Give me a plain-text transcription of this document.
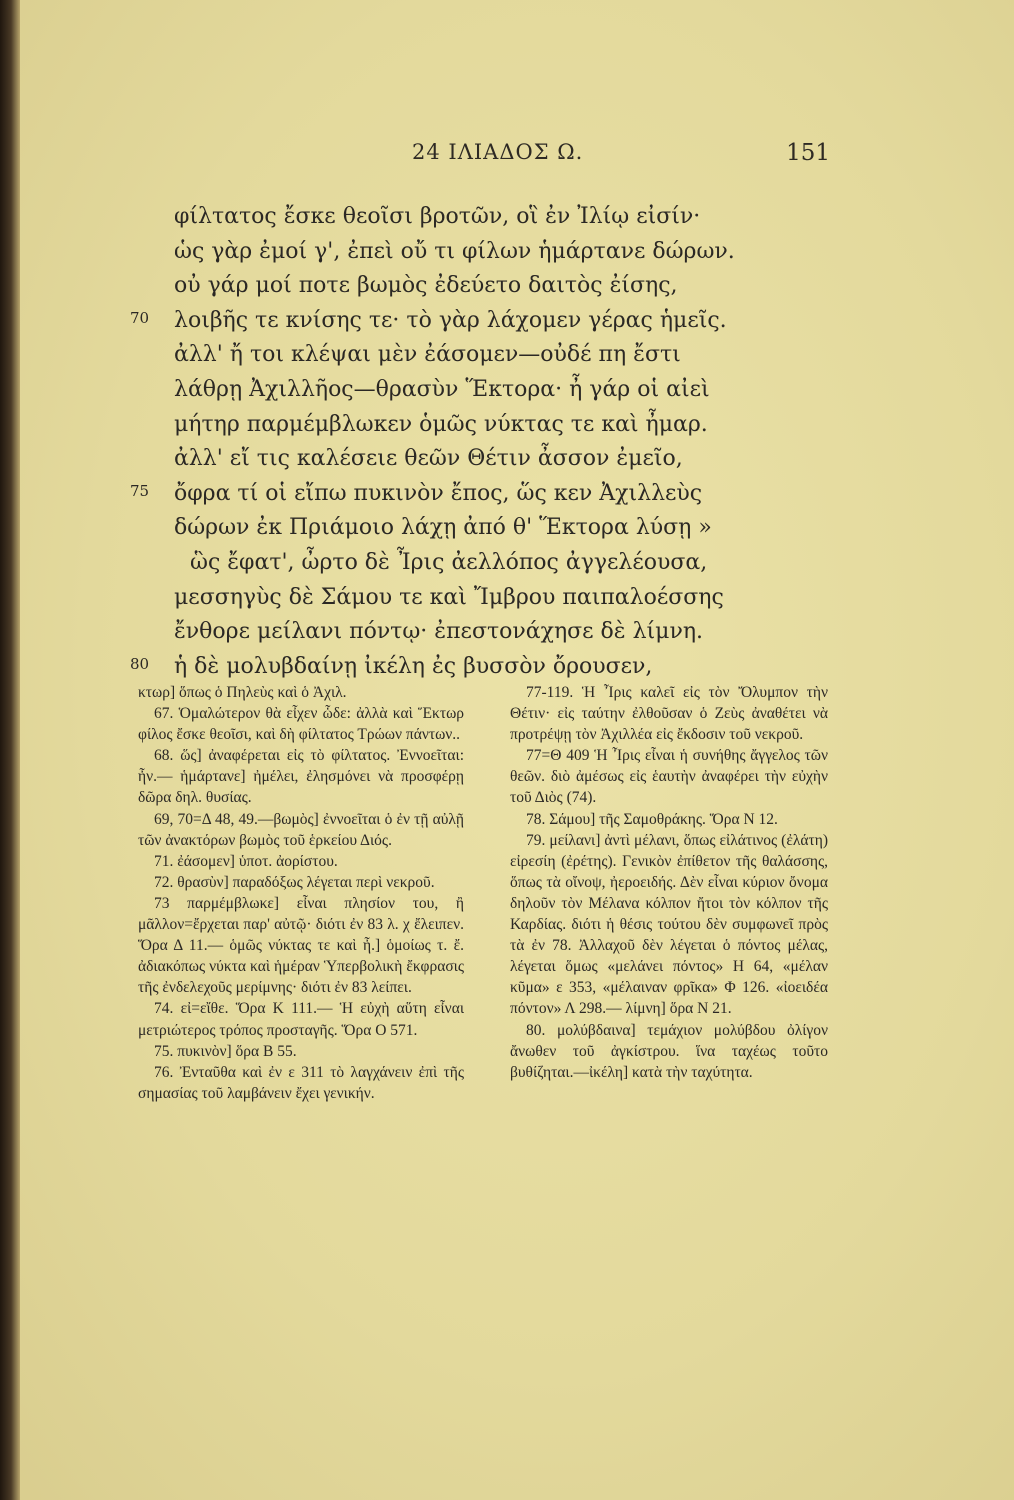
24 ΙΛΙΑΔΟΣ Ω.	151
φίλτατος ἔσκε θεοῖσι βροτῶν, οἳ ἐν Ἰλίῳ εἰσίν·
ὡς γὰρ ἐμοί γ', ἐπεὶ οὔ τι φίλων ἡμάρτανε δώρων.
οὐ γάρ μοί ποτε βωμὸς ἐδεύετο δαιτὸς ἐίσης,
70	λοιβῆς τε κνίσης τε· τὸ γὰρ λάχομεν γέρας ἡμεῖς.
ἀλλ' ἤ τοι κλέψαι μὲν ἐάσομεν—οὐδέ πη ἔστι
λάθρῃ Ἀχιλλῆος—θρασὺν Ἕκτορα· ἦ γάρ οἱ αἰεὶ
μήτηρ παρμέμβλωκεν ὁμῶς νύκτας τε καὶ ἦμαρ.
ἀλλ' εἴ τις καλέσειε θεῶν Θέτιν ἆσσον ἐμεῖο,
75	ὄφρα τί οἱ εἴπω πυκινὸν ἔπος, ὥς κεν Ἀχιλλεὺς
δώρων ἐκ Πριάμοιο λάχῃ ἀπό θ' Ἕκτορα λύσῃ »
ὣς ἔφατ', ὦρτο δὲ Ἶρις ἀελλόπος ἀγγελέουσα,
μεσσηγὺς δὲ Σάμου τε καὶ Ἴμβρου παιπαλοέσσης
ἔνθορε μείλανι πόντῳ· ἐπεστονάχησε δὲ λίμνη.
80	ἡ δὲ μολυβδαίνῃ ἰκέλη ἐς βυσσὸν ὄρουσεν,

κτωρ] ὅπως ὁ Πηλεὺς καὶ ὁ Ἀχιλ.

67. Ὁμαλώτερον θὰ εἶχεν ὧδε: ἀλλὰ καὶ Ἕκτωρ φίλος ἔσκε θεοῖσι, καὶ δὴ φίλτατος Τρώων πάντων..

68. ὥς] ἀναφέρεται εἰς τὸ φίλτατος. Ἐννοεῖται: ἦν.— ἡμάρτανε] ἠμέλει, ἐλησμόνει νὰ προσφέρῃ δῶρα δηλ. θυσίας.

69, 70=Δ 48, 49.—βωμὸς] ἐννοεῖται ὁ ἐν τῇ αὐλῇ τῶν ἀνακτόρων βωμὸς τοῦ ἑρκείου Διός.

71. ἐάσομεν] ὑποτ. ἀορίστου.

72. θρασὺν] παραδόξως λέγεται περὶ νεκροῦ.

73 παρμέμβλωκε] εἶναι πλησίον του, ἢ μᾶλλον=ἔρχεται παρ' αὐτῷ· διότι ἐν 83 λ. χ ἔλειπεν. Ὅρα Δ 11.— ὁμῶς νύκτας τε καὶ ἦ.] ὁμοίως τ. ἔ. ἀδιακόπως νύκτα καὶ ἡμέραν Ὑπερβολικὴ ἔκφρασις τῆς ἐνδελεχοῦς μερίμνης· διότι ἐν 83 λείπει.

74. εἰ=εἴθε. Ὅρα Κ 111.— Ἡ εὐχὴ αὕτη εἶναι μετριώτερος τρόπος προσταγῆς. Ὅρα Ο 571.

75. πυκινὸν] ὅρα Β 55.

76. Ἐνταῦθα καὶ ἐν ε 311 τὸ λαγχάνειν ἐπὶ τῆς σημασίας τοῦ λαμβάνειν ἔχει γενικήν.

77-119. Ἡ Ἶρις καλεῖ εἰς τὸν Ὄλυμπον τὴν Θέτιν· εἰς ταύτην ἐλθοῦσαν ὁ Ζεὺς ἀναθέτει νὰ προτρέψῃ τὸν Ἀχιλλέα εἰς ἔκδοσιν τοῦ νεκροῦ.

77=Θ 409 Ἡ Ἶρις εἶναι ἡ συνήθης ἄγγελος τῶν θεῶν. διὸ ἀμέσως εἰς ἑαυτὴν ἀναφέρει τὴν εὐχὴν τοῦ Διὸς (74).

78. Σάμου] τῆς Σαμοθράκης. Ὅρα Ν 12.

79. μείλανι] ἀντὶ μέλανι, ὅπως εἰλάτινος (ἐλάτη) εἰρεσίη (ἐρέτης). Γενικὸν ἐπίθετον τῆς θαλάσσης, ὅπως τὰ οἴνοψ, ἠεροειδής. Δὲν εἶναι κύριον ὄνομα δηλοῦν τὸν Μέλανα κόλπον ἤτοι τὸν κόλπον τῆς Καρδίας. διότι ἡ θέσις τούτου δὲν συμφωνεῖ πρὸς τὰ ἐν 78. Ἀλλαχοῦ δὲν λέγεται ὁ πόντος μέλας, λέγεται ὅμως «μελάνει πόντος» Η 64, «μέλαν κῦμα» ε 353, «μέλαιναν φρῖκα» Φ 126. «ἰοειδέα πόντον» Λ 298.— λίμνη] ὅρα Ν 21.

80. μολύβδαινα] τεμάχιον μολύβδου ὀλίγον ἄνωθεν τοῦ ἀγκίστρου. ἵνα ταχέως τοῦτο βυθίζηται.—ἰκέλη] κατὰ τὴν ταχύτητα.
